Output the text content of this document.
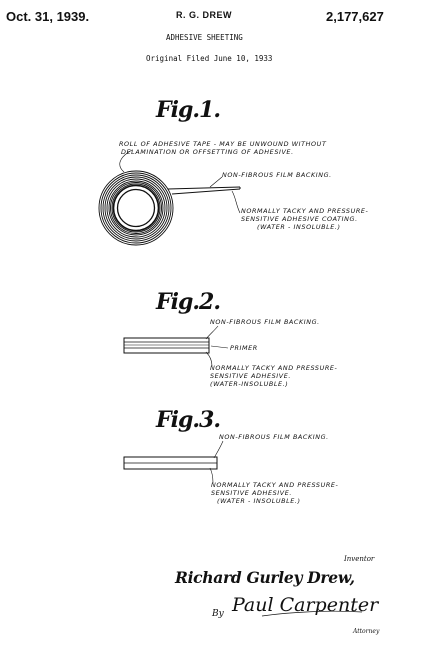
Oct. 31, 1939.	R. G. DREW	2,177,627
ADHESIVE SHEETING
Original Filed June 10, 1933
Fig.1.
ROLL OF ADHESIVE TAPE - MAY BE UNWOUND WITHOUT
DELAMINATION OR OFFSETTING OF ADHESIVE.
NON-FIBROUS FILM BACKING.
NORMALLY TACKY AND PRESSURE-
SENSITIVE ADHESIVE COATING.
(WATER - INSOLUBLE.)
Fig.2.
NON-FIBROUS FILM BACKING.
PRIMER
NORMALLY TACKY AND PRESSURE-
SENSITIVE ADHESIVE.
(WATER-INSOLUBLE.)
Fig.3.
NON-FIBROUS FILM BACKING.
NORMALLY TACKY AND PRESSURE-
SENSITIVE ADHESIVE.
(WATER - INSOLUBLE.)
Inventor
Richard Gurley Drew,
By Paul Carpenter
Attorney
